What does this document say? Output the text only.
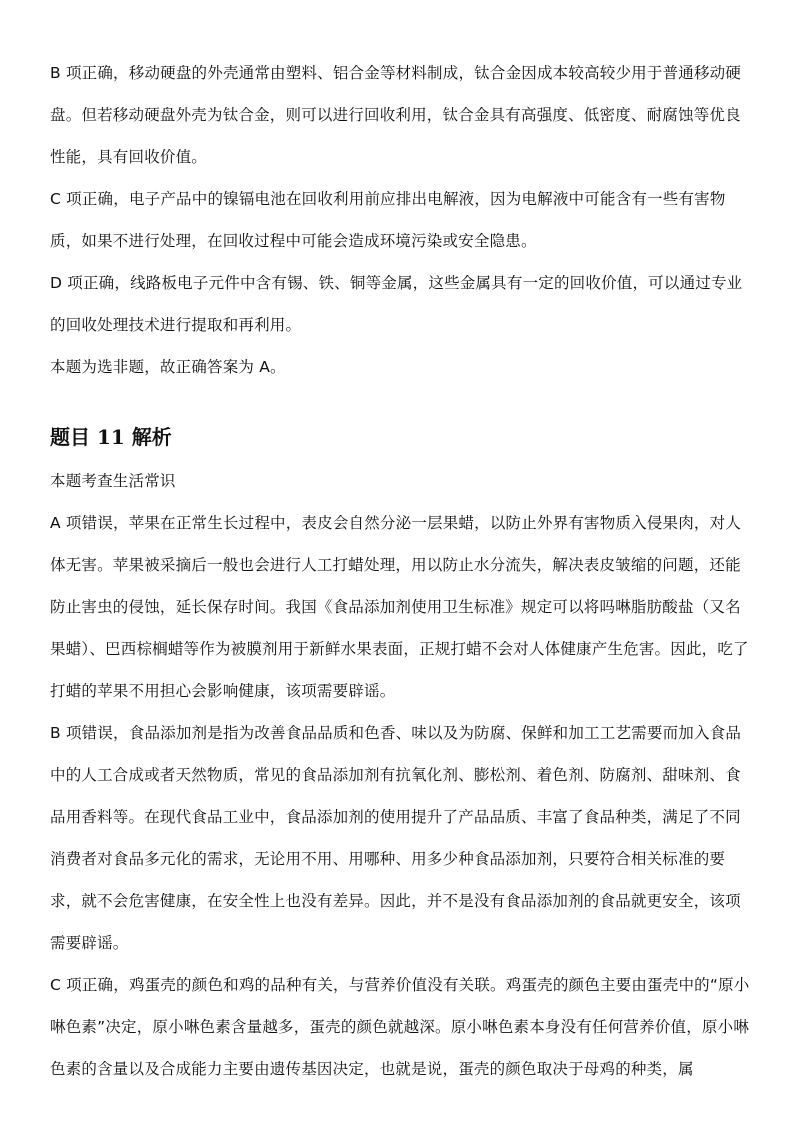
B 项正确，移动硬盘的外壳通常由塑料、铝合金等材料制成，钛合金因成本较高较少用于普通移动硬盘。但若移动硬盘外壳为钛合金，则可以进行回收利用，钛合金具有高强度、低密度、耐腐蚀等优良性能，具有回收价值。

C 项正确，电子产品中的镍镉电池在回收利用前应排出电解液，因为电解液中可能含有一些有害物质，如果不进行处理，在回收过程中可能会造成环境污染或安全隐患。

D 项正确，线路板电子元件中含有锡、铁、铜等金属，这些金属具有一定的回收价值，可以通过专业的回收处理技术进行提取和再利用。

本题为选非题，故正确答案为 A。

题目 11 解析

本题考查生活常识

A 项错误，苹果在正常生长过程中，表皮会自然分泌一层果蜡，以防止外界有害物质入侵果肉，对人体无害。苹果被采摘后一般也会进行人工打蜡处理，用以防止水分流失，解决表皮皱缩的问题，还能防止害虫的侵蚀，延长保存时间。我国《食品添加剂使用卫生标准》规定可以将吗啉脂肪酸盐（又名果蜡）、巴西棕榈蜡等作为被膜剂用于新鲜水果表面，正规打蜡不会对人体健康产生危害。因此，吃了打蜡的苹果不用担心会影响健康，该项需要辟谣。

B 项错误，食品添加剂是指为改善食品品质和色香、味以及为防腐、保鲜和加工工艺需要而加入食品中的人工合成或者天然物质，常见的食品添加剂有抗氧化剂、膨松剂、着色剂、防腐剂、甜味剂、食品用香料等。在现代食品工业中，食品添加剂的使用提升了产品品质、丰富了食品种类，满足了不同消费者对食品多元化的需求，无论用不用、用哪种、用多少种食品添加剂，只要符合相关标准的要求，就不会危害健康，在安全性上也没有差异。因此，并不是没有食品添加剂的食品就更安全，该项需要辟谣。

C 项正确，鸡蛋壳的颜色和鸡的品种有关，与营养价值没有关联。鸡蛋壳的颜色主要由蛋壳中的“原小啉色素”决定，原小啉色素含量越多，蛋壳的颜色就越深。原小啉色素本身没有任何营养价值，原小啉色素的含量以及合成能力主要由遗传基因决定，也就是说，蛋壳的颜色取决于母鸡的种类，属
